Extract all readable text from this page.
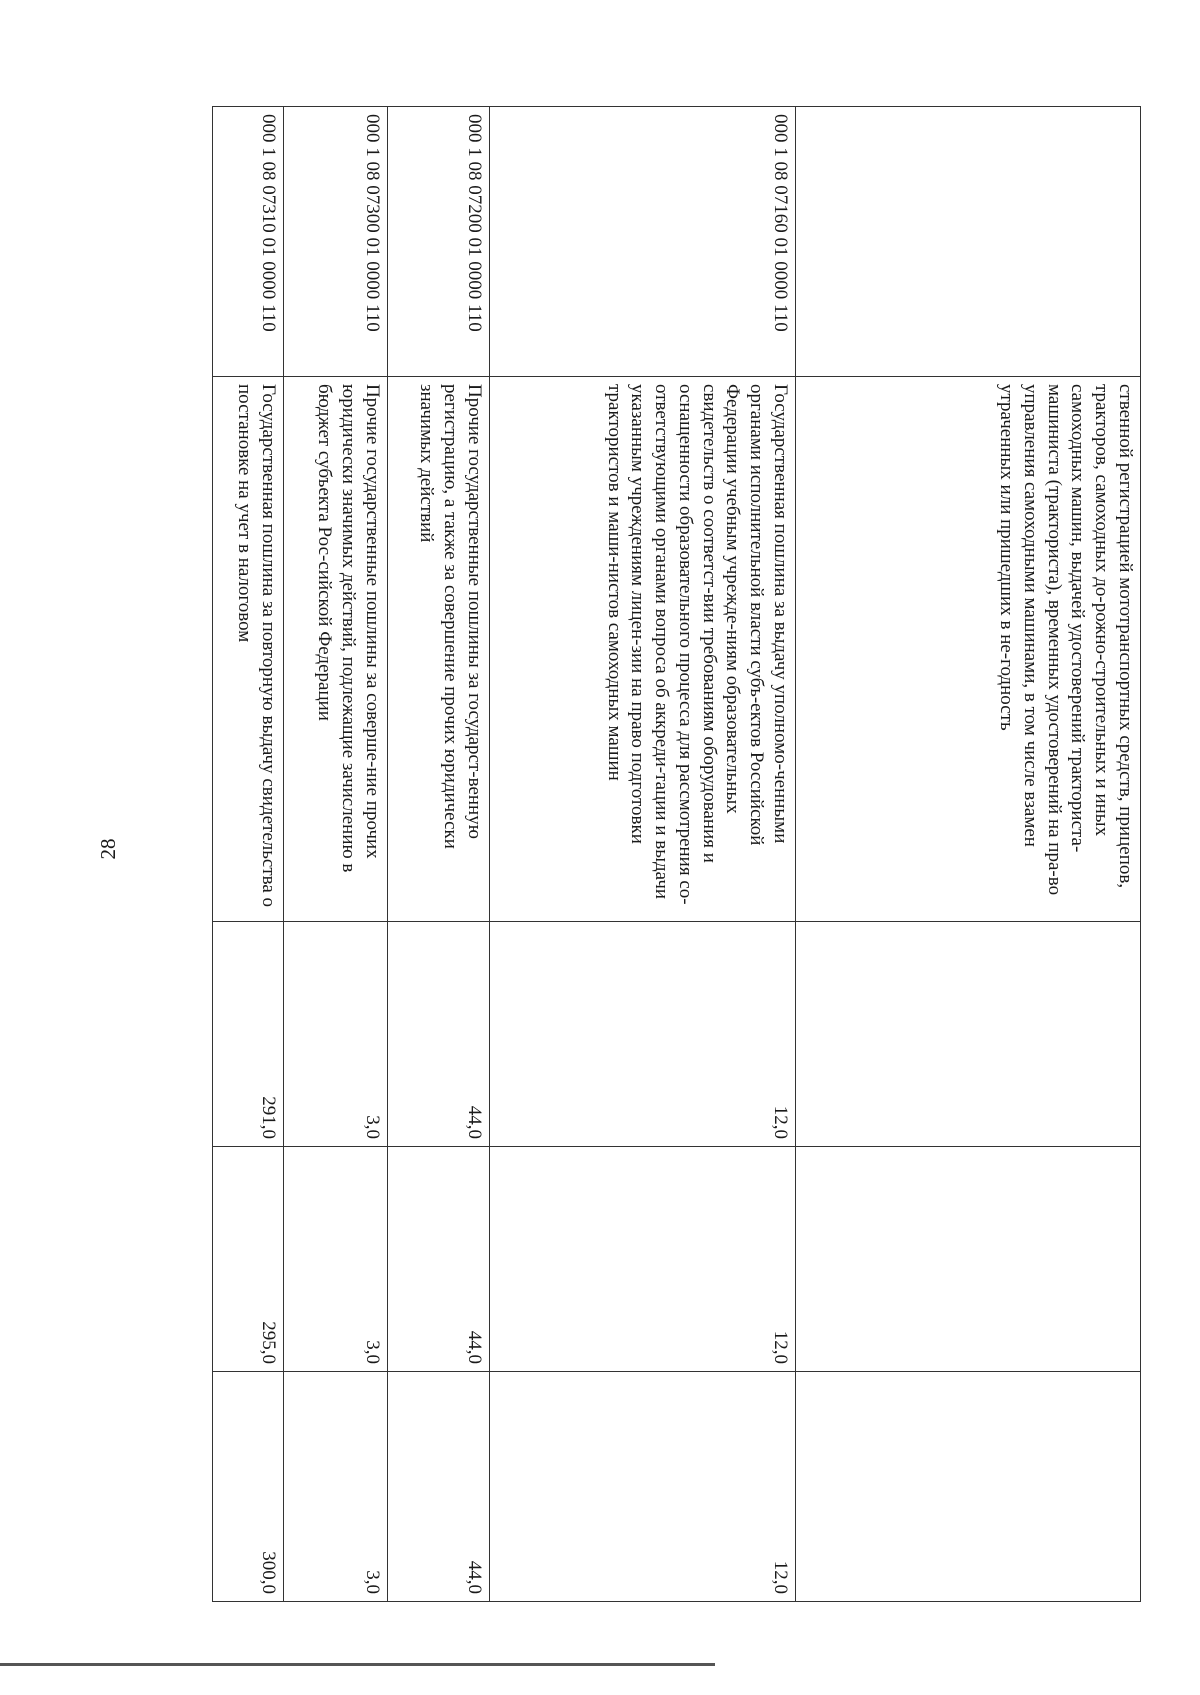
28
		ственной регистрацией мототранспортных средств, прицепов, тракторов, самоходных до-рожно-строительных и иных самоходных машин, выдачей удостоверений тракториста-машиниста (тракториста), временных удостоверений на пра-во управления самоходными машинами, в том числе взамен утраченных или пришедших в не-годность			
000 1 08 07160 01 0000 110	Государственная пошлина за выдачу уполномо-ченными органами исполнительной власти субъ-ектов Российской Федерации учебным учрежде-ниям образовательных свидетельств о соответст-вии требованиям оборудования и оснащенности образовательного процесса для рассмотрения со-ответствующими органами вопроса об аккреди-тации и выдачи указанным учреждениям лицен-зии на право подготовки трактористов и маши-нистов самоходных машин	12,0	12,0	12,0
000 1 08 07200 01 0000 110	Прочие государственные пошлины за государст-венную регистрацию, а также за совершение прочих юридически значимых действий	44,0	44,0	44,0
000 1 08 07300 01 0000 110	Прочие государственные пошлины за соверше-ние прочих юридически значимых действий, подлежащие зачислению в бюджет субъекта Рос-сийской Федерации	3,0	3,0	3,0
000 1 08 07310 01 0000 110	Государственная пошлина за повторную выдачу свидетельства о постановке на учет в налоговом	291,0	295,0	300,0
